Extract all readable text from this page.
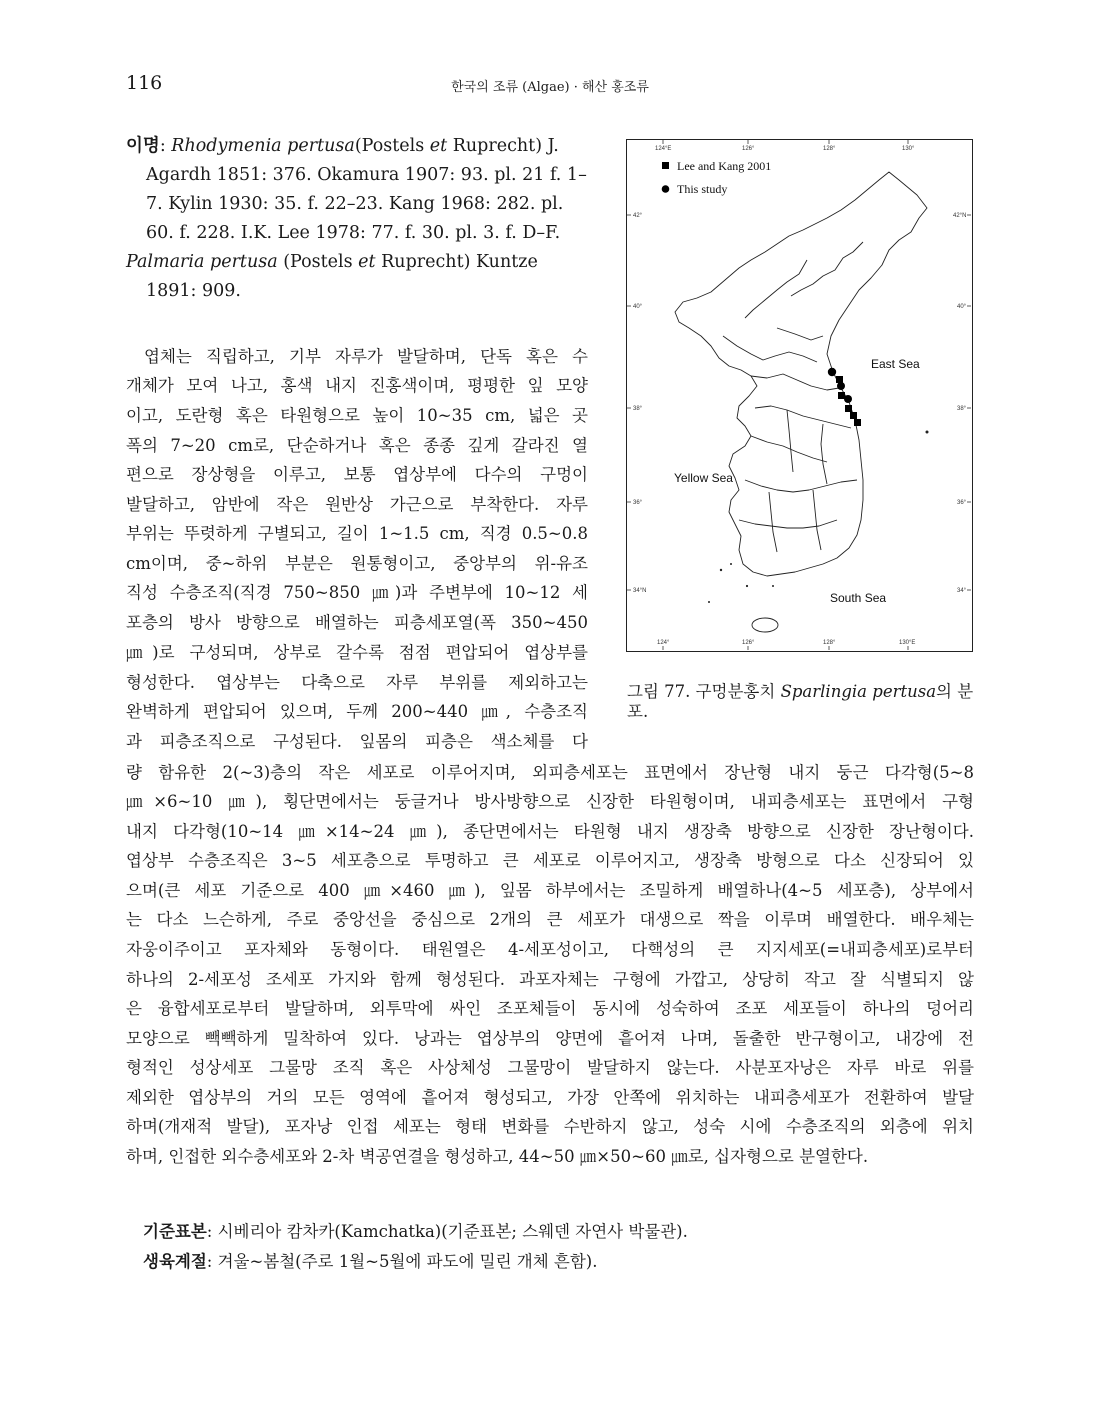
116	한국의 조류 (Algae) · 해산 홍조류

이명: Rhodymenia pertusa(Postels et Ruprecht) J. Agardh 1851: 376. Okamura 1907: 93. pl. 21 f. 1–7. Kylin 1930: 35. f. 22–23. Kang 1968: 282. pl. 60. f. 228. I.K. Lee 1978: 77. f. 30. pl. 3. f. D–F.

Palmaria pertusa (Postels et Ruprecht) Kuntze 1891: 909.

엽체는 직립하고, 기부 자루가 발달하며, 단독 혹은 수
개체가 모여 나고, 홍색 내지 진홍색이며, 평평한 잎 모양
이고, 도란형 혹은 타원형으로 높이 10~35 cm, 넓은 곳
폭의 7~20 cm로, 단순하거나 혹은 종종 깊게 갈라진 열
편으로 장상형을 이루고, 보통 엽상부에 다수의 구멍이
발달하고, 암반에 작은 원반상 가근으로 부착한다. 자루
부위는 뚜렷하게 구별되고, 길이 1~1.5 cm, 직경 0.5~0.8
cm이며, 중~하위 부분은 원통형이고, 중앙부의 위-유조
직성 수층조직(직경 750~850 ㎛)과 주변부에 10~12 세
포층의 방사 방향으로 배열하는 피층세포열(폭 350~450
㎛)로 구성되며, 상부로 갈수록 점점 편압되어 엽상부를
형성한다. 엽상부는 다축으로 자루 부위를 제외하고는
완벽하게 편압되어 있으며, 두께 200~440 ㎛, 수층조직
과 피층조직으로 구성된다. 잎몸의 피층은 색소체를 다
량 함유한 2(~3)층의 작은 세포로 이루어지며, 외피층세포는 표면에서 장난형 내지 둥근 다각형(5~8
㎛×6~10 ㎛), 횡단면에서는 둥글거나 방사방향으로 신장한 타원형이며, 내피층세포는 표면에서 구형
내지 다각형(10~14 ㎛×14~24 ㎛), 종단면에서는 타원형 내지 생장축 방향으로 신장한 장난형이다.
엽상부 수층조직은 3~5 세포층으로 투명하고 큰 세포로 이루어지고, 생장축 방형으로 다소 신장되어 있
으며(큰 세포 기준으로 400 ㎛×460 ㎛), 잎몸 하부에서는 조밀하게 배열하나(4~5 세포층), 상부에서
는 다소 느슨하게, 주로 중앙선을 중심으로 2개의 큰 세포가 대생으로 짝을 이루며 배열한다. 배우체는
자웅이주이고 포자체와 동형이다. 태원열은 4-세포성이고, 다핵성의 큰 지지세포(=내피층세포)로부터
하나의 2-세포성 조세포 가지와 함께 형성된다. 과포자체는 구형에 가깝고, 상당히 작고 잘 식별되지 않
은 융합세포로부터 발달하며, 외투막에 싸인 조포체들이 동시에 성숙하여 조포 세포들이 하나의 덩어리
모양으로 빽빽하게 밀착하여 있다. 낭과는 엽상부의 양면에 흩어져 나며, 돌출한 반구형이고, 내강에 전
형적인 성상세포 그물망 조직 혹은 사상체성 그물망이 발달하지 않는다. 사분포자낭은 자루 바로 위를
제외한 엽상부의 거의 모든 영역에 흩어져 형성되고, 가장 안쪽에 위치하는 내피층세포가 전환하여 발달
하며(개재적 발달), 포자낭 인접 세포는 형태 변화를 수반하지 않고, 성숙 시에 수층조직의 외층에 위치
하며, 인접한 외수층세포와 2-차 벽공연결을 형성하고, 44~50 ㎛×50~60 ㎛로, 십자형으로 분열한다.
124°E	126°	128°	130°
124°	126°	128°	130°E
42°
40°
38°
36°
34°N
42°N
40°
38°
36°
34°
Lee and Kang 2001
This study
East Sea
Yellow Sea
South Sea
그림 77. 구멍분홍치 Sparlingia pertusa의 분포.
기준표본: 시베리아 캄차카(Kamchatka)(기준표본; 스웨덴 자연사 박물관).
생육계절: 겨울~봄철(주로 1월~5월에 파도에 밀린 개체 흔함).
